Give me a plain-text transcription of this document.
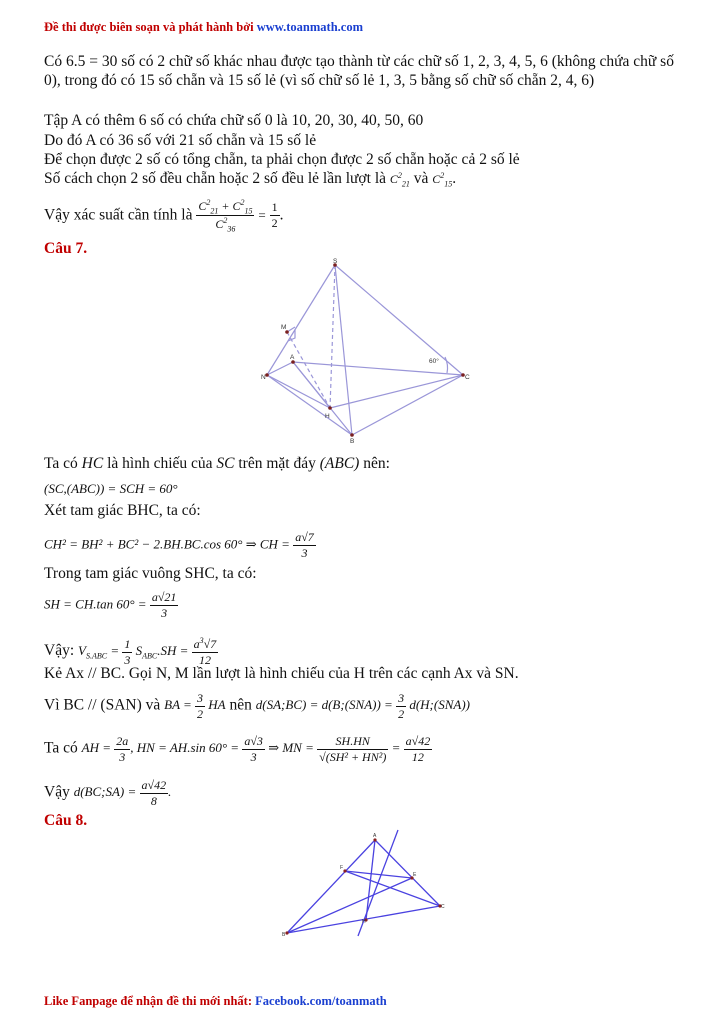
Đề thi được biên soạn và phát hành bởi www.toanmath.com
Có 6.5 = 30 số có 2 chữ số khác nhau được tạo thành từ các chữ số 1, 2, 3, 4, 5, 6 (không chứa chữ số 0), trong đó có 15 số chẵn và 15 số lẻ (vì số chữ số lẻ 1, 3, 5 bằng số chữ số chẵn 2, 4, 6)
Tập A có thêm 6 số có chứa chữ số 0 là 10, 20, 30, 40, 50, 60
Do đó A có 36 số với 21 số chẵn và 15 số lẻ
Để chọn được 2 số có tổng chẵn, ta phải chọn được 2 số chẵn hoặc cả 2 số lẻ
Số cách chọn 2 số đều chẵn hoặc 2 số đều lẻ lần lượt là $C^2_{21}$ và $C^2_{15}$.
Vậy xác suất cần tính là $\frac{C^2_{21} + C^2_{15}}{C^2_{36}} = \frac{1}{2}$ .
Câu 7.
S
M
A
N
H
B
C
60°
Ta có HC là hình chiếu của SC trên mặt đáy (ABC) nên:
(SC,(ABC)) = SCH = 60°
Xét tam giác BHC, ta có:
CH² = BH² + BC² − 2.BH.BC.cos 60° ⇒ CH = $\frac{a√7}{3}$
Trong tam giác vuông SHC, ta có:
SH = CH.tan $60^\circ = \frac{a√21}{3}$
Vậy: $V_{S.ABC} = \frac{1}{3} S_{ABC}.SH = \frac{a^3√7}{12}$
Kẻ Ax // BC. Gọi N, M lần lượt là hình chiếu của H trên các cạnh Ax và SN.
Vì BC // (SAN) và BA = $\frac{3}{2}$ HA nên d(SA;BC) = d(B;(SNA)) = $\frac{3}{2}$ d(H;(SNA))
Ta có AH = $\frac{2a}{3}$ , HN = AH.sin $60^\circ = \frac{a√3}{3}$ ⇒ MN = $\frac{SH.HN}{\text{√(SH² + HN²)}} = \frac{a√42}{12}$
Vậy d(BC;SA) = $\frac{a√42}{8}$ .
Câu 8.
A
F
E
B
C
H
Like Fanpage để nhận đề thi mới nhất: Facebook.com/toanmath
